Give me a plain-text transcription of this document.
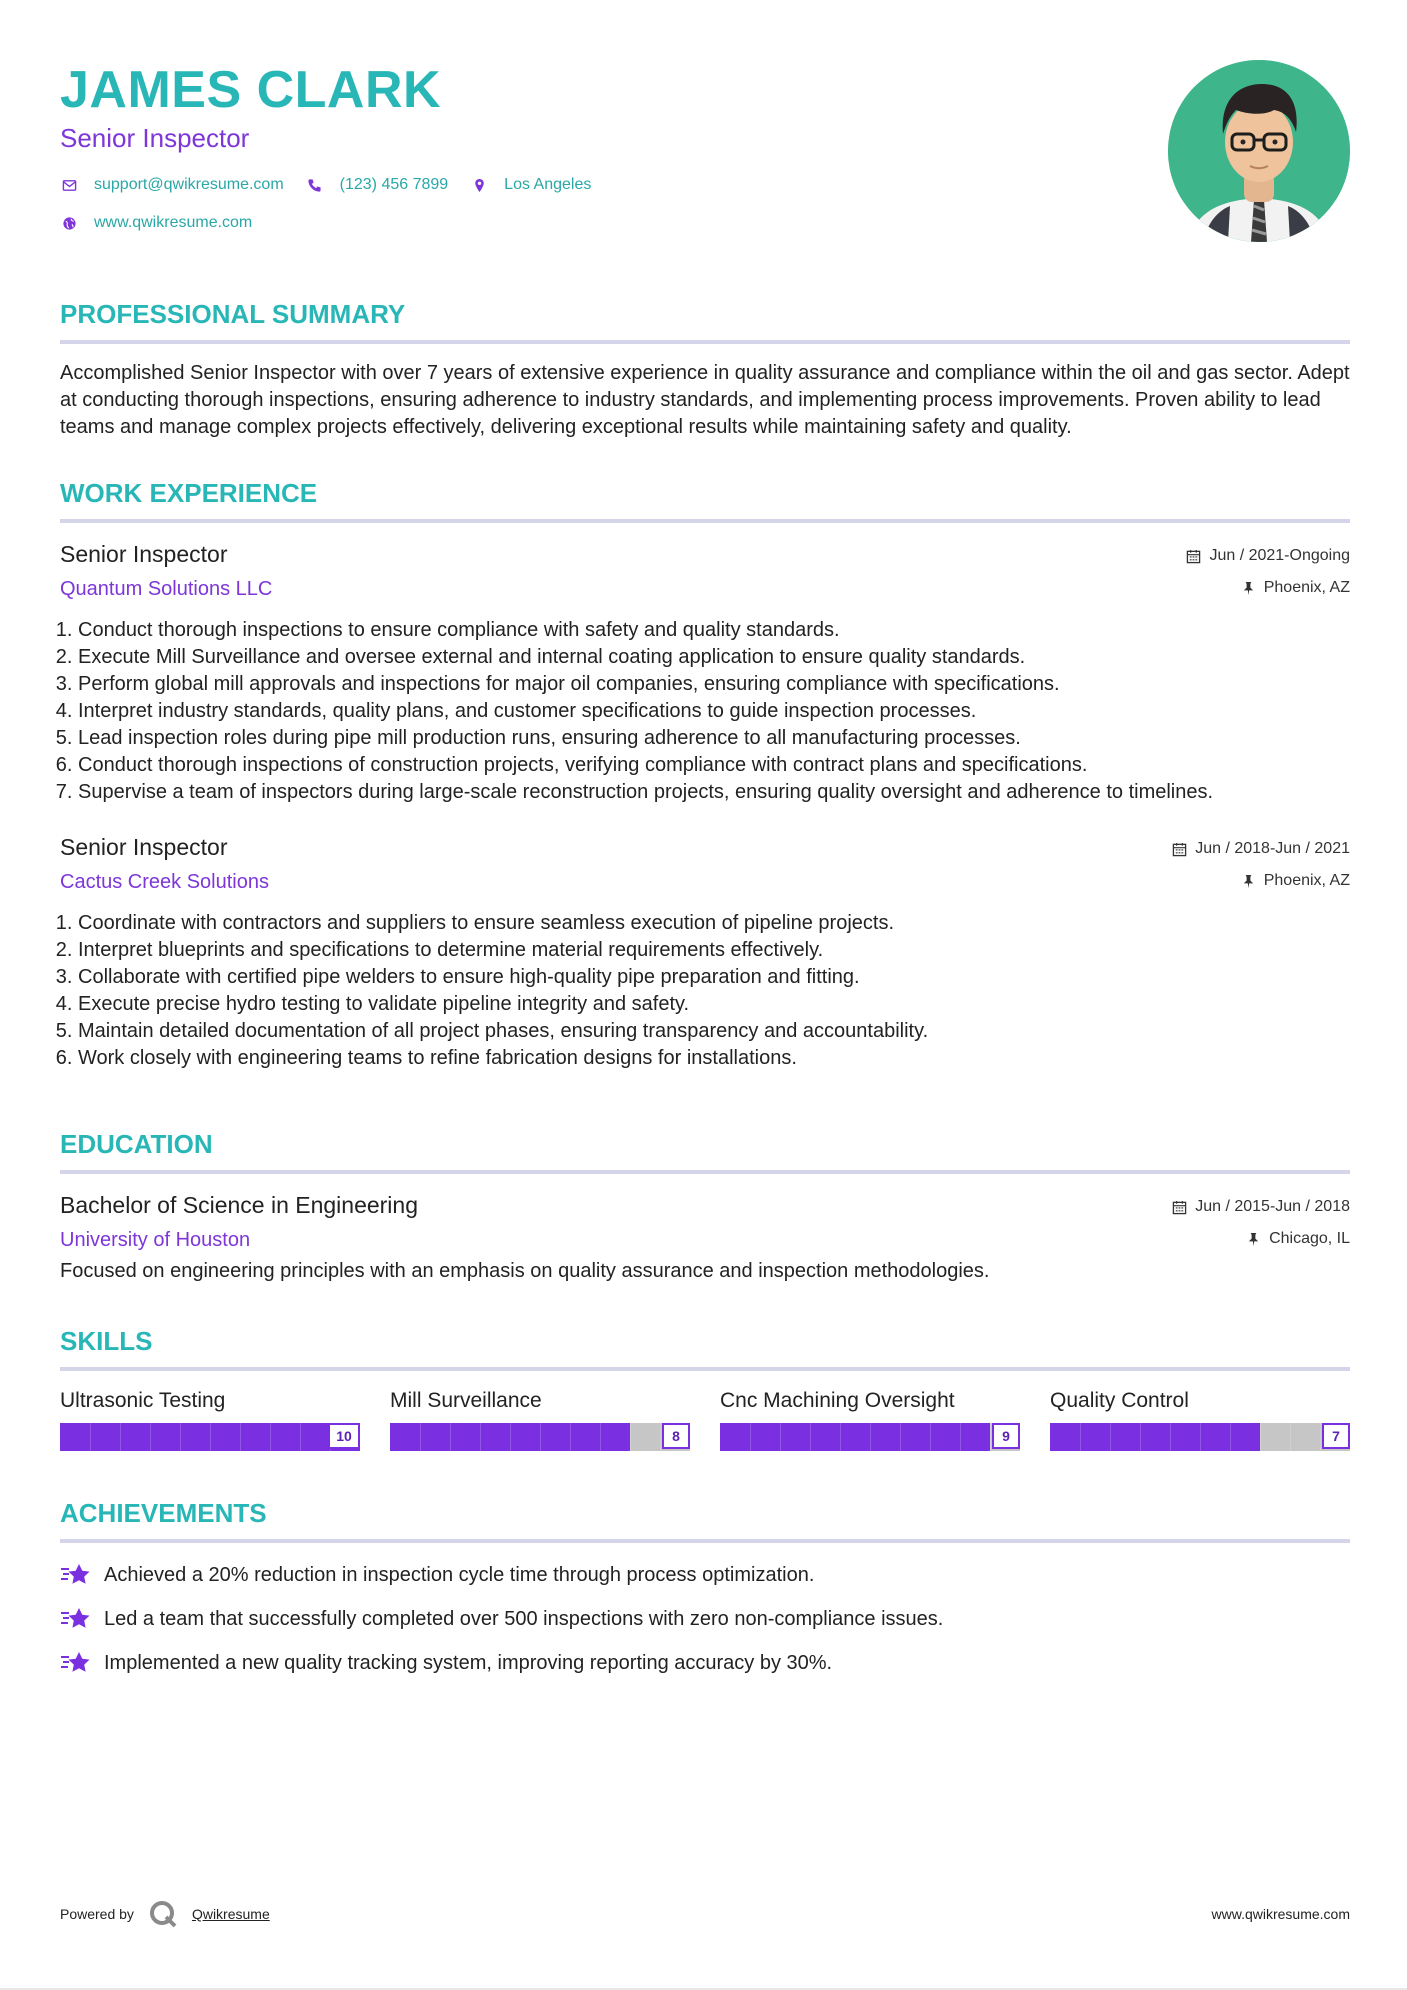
JAMES CLARK
Senior Inspector
support@qwikresume.com	(123) 456 7899	Los Angeles
www.qwikresume.com
PROFESSIONAL SUMMARY

Accomplished Senior Inspector with over 7 years of extensive experience in quality assurance and compliance within the oil and gas sector. Adept at conducting thorough inspections, ensuring adherence to industry standards, and implementing process improvements. Proven ability to lead teams and manage complex projects effectively, delivering exceptional results while maintaining safety and quality.

WORK EXPERIENCE
Senior Inspector
Quantum Solutions LLC
Jun / 2021-Ongoing
Phoenix, AZ
1. Conduct thorough inspections to ensure compliance with safety and quality standards.
2. Execute Mill Surveillance and oversee external and internal coating application to ensure quality standards.
3. Perform global mill approvals and inspections for major oil companies, ensuring compliance with specifications.
4. Interpret industry standards, quality plans, and customer specifications to guide inspection processes.
5. Lead inspection roles during pipe mill production runs, ensuring adherence to all manufacturing processes.
6. Conduct thorough inspections of construction projects, verifying compliance with contract plans and specifications.
7. Supervise a team of inspectors during large-scale reconstruction projects, ensuring quality oversight and adherence to timelines.
Senior Inspector
Cactus Creek Solutions
Jun / 2018-Jun / 2021
Phoenix, AZ
1. Coordinate with contractors and suppliers to ensure seamless execution of pipeline projects.
2. Interpret blueprints and specifications to determine material requirements effectively.
3. Collaborate with certified pipe welders to ensure high-quality pipe preparation and fitting.
4. Execute precise hydro testing to validate pipeline integrity and safety.
5. Maintain detailed documentation of all project phases, ensuring transparency and accountability.
6. Work closely with engineering teams to refine fabrication designs for installations.
EDUCATION
Bachelor of Science in Engineering
University of Houston
Jun / 2015-Jun / 2018
Chicago, IL
Focused on engineering principles with an emphasis on quality assurance and inspection methodologies.
SKILLS
Ultrasonic Testing
10
Mill Surveillance
8
Cnc Machining Oversight
9
Quality Control
7
ACHIEVEMENTS
Achieved a 20% reduction in inspection cycle time through process optimization.
Led a team that successfully completed over 500 inspections with zero non-compliance issues.
Implemented a new quality tracking system, improving reporting accuracy by 30%.
Powered by	Qwikresume	www.qwikresume.com
